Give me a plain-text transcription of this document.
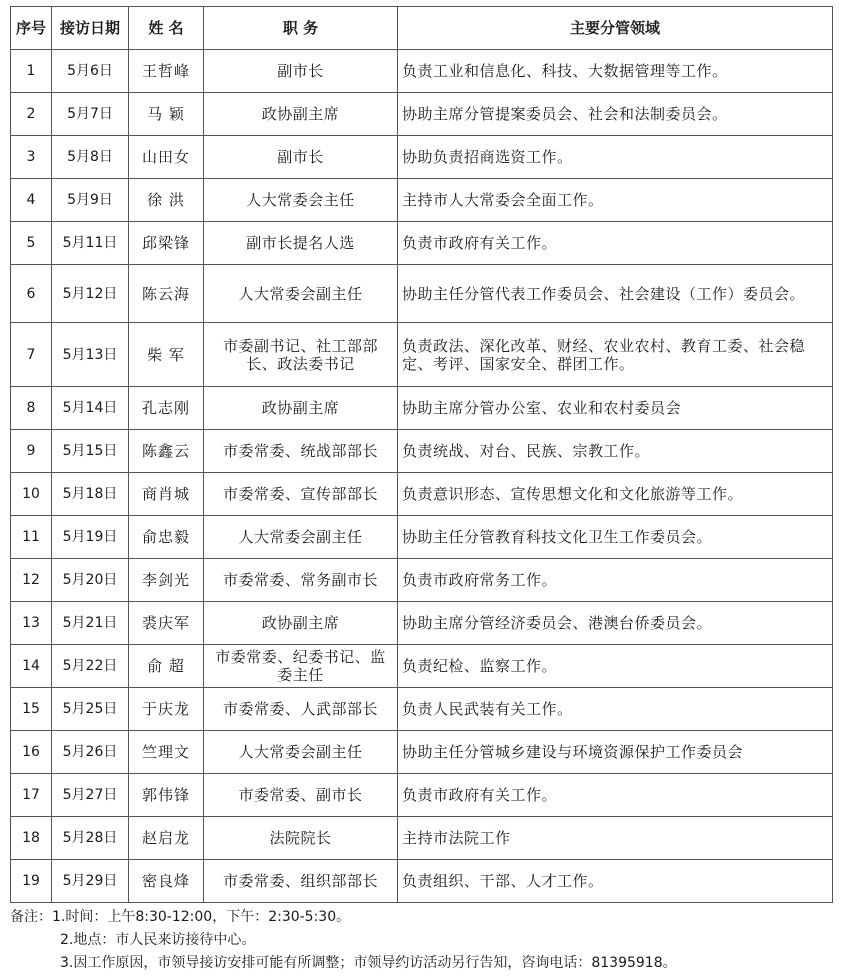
序号	接访日期	姓 名	职 务	主要分管领域
1	5月6日	王哲峰	副市长	负责工业和信息化、科技、大数据管理等工作。
2	5月7日	马 颖	政协副主席	协助主席分管提案委员会、社会和法制委员会。
3	5月8日	山田女	副市长	协助负责招商选资工作。
4	5月9日	徐 洪	人大常委会主任	主持市人大常委会全面工作。
5	5月11日	邱梁锋	副市长提名人选	负责市政府有关工作。
6	5月12日	陈云海	人大常委会副主任	协助主任分管代表工作委员会、社会建设（工作）委员会。
7	5月13日	柴 军	市委副书记、社工部部长、政法委书记	负责政法、深化改革、财经、农业农村、教育工委、社会稳定、考评、国家安全、群团工作。
8	5月14日	孔志刚	政协副主席	协助主席分管办公室、农业和农村委员会
9	5月15日	陈鑫云	市委常委、统战部部长	负责统战、对台、民族、宗教工作。
10	5月18日	商肖城	市委常委、宣传部部长	负责意识形态、宣传思想文化和文化旅游等工作。
11	5月19日	俞忠毅	人大常委会副主任	协助主任分管教育科技文化卫生工作委员会。
12	5月20日	李剑光	市委常委、常务副市长	负责市政府常务工作。
13	5月21日	裘庆军	政协副主席	协助主席分管经济委员会、港澳台侨委员会。
14	5月22日	俞 超	市委常委、纪委书记、监委主任	负责纪检、监察工作。
15	5月25日	于庆龙	市委常委、人武部部长	负责人民武装有关工作。
16	5月26日	竺理文	人大常委会副主任	协助主任分管城乡建设与环境资源保护工作委员会
17	5月27日	郭伟锋	市委常委、副市长	负责市政府有关工作。
18	5月28日	赵启龙	法院院长	主持市法院工作
19	5月29日	密良烽	市委常委、组织部部长	负责组织、干部、人才工作。
备注：1.时间：上午8:30-12:00，下午：2:30-5:30。
2.地点：市人民来访接待中心。
3.因工作原因，市领导接访安排可能有所调整；市领导约访活动另行告知，咨询电话：81395918。
